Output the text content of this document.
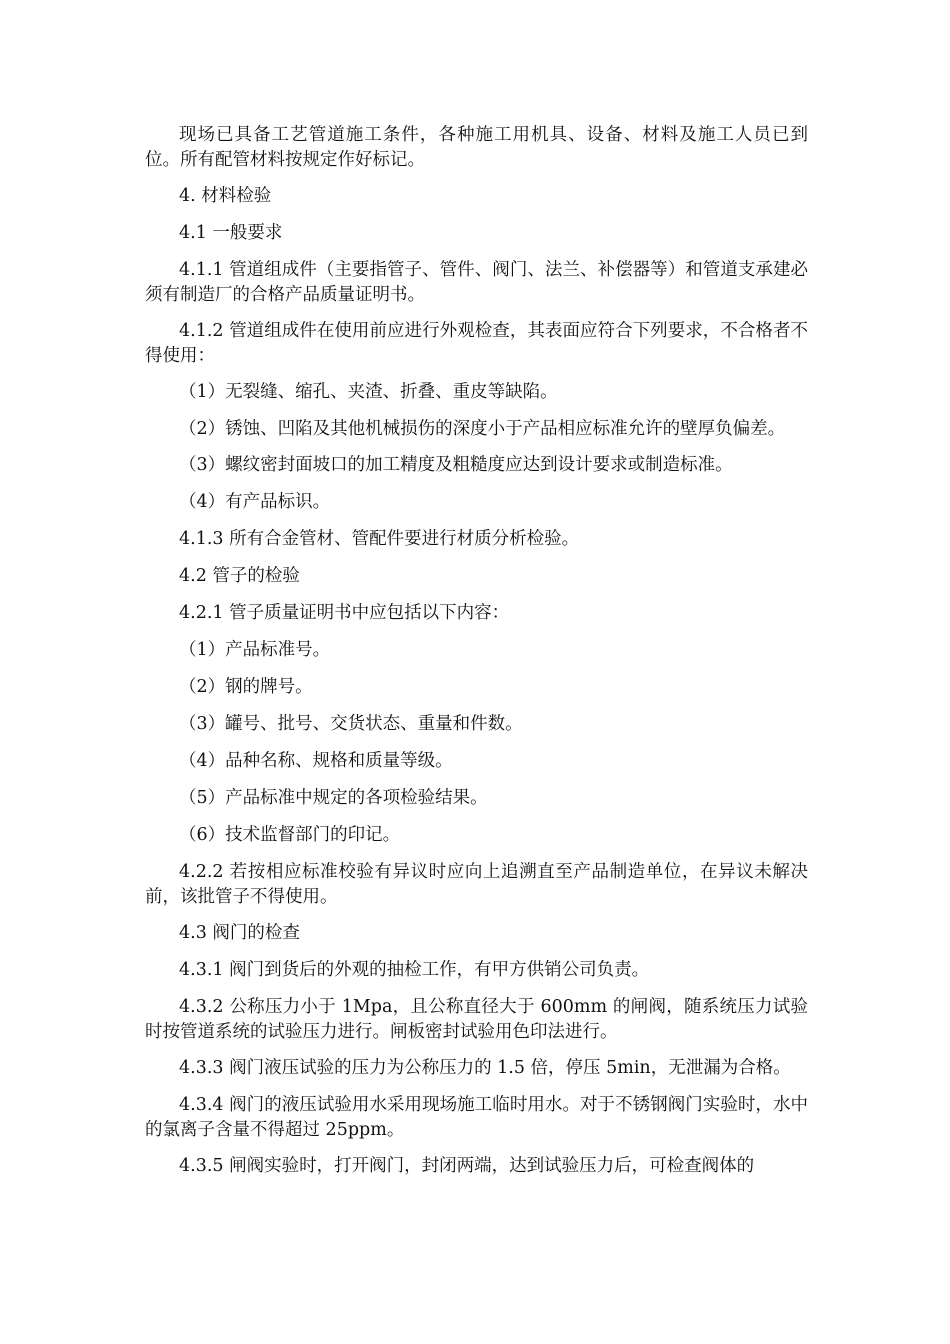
现场已具备工艺管道施工条件，各种施工用机具、设备、材料及施工人员已到位。所有配管材料按规定作好标记。

4. 材料检验

4.1 一般要求

4.1.1 管道组成件（主要指管子、管件、阀门、法兰、补偿器等）和管道支承建必须有制造厂的合格产品质量证明书。

4.1.2 管道组成件在使用前应进行外观检查，其表面应符合下列要求，不合格者不得使用：

（1）无裂缝、缩孔、夹渣、折叠、重皮等缺陷。

（2）锈蚀、凹陷及其他机械损伤的深度小于产品相应标准允许的壁厚负偏差。

（3）螺纹密封面坡口的加工精度及粗糙度应达到设计要求或制造标准。

（4）有产品标识。

4.1.3 所有合金管材、管配件要进行材质分析检验。

4.2 管子的检验

4.2.1 管子质量证明书中应包括以下内容：

（1）产品标准号。

（2）钢的牌号。

（3）罐号、批号、交货状态、重量和件数。

（4）品种名称、规格和质量等级。

（5）产品标准中规定的各项检验结果。

（6）技术监督部门的印记。

4.2.2 若按相应标准校验有异议时应向上追溯直至产品制造单位，在异议未解决前，该批管子不得使用。

4.3 阀门的检查

4.3.1 阀门到货后的外观的抽检工作，有甲方供销公司负责。

4.3.2 公称压力小于 1Mpa，且公称直径大于 600mm 的闸阀，随系统压力试验时按管道系统的试验压力进行。闸板密封试验用色印法进行。

4.3.3 阀门液压试验的压力为公称压力的 1.5 倍，停压 5min，无泄漏为合格。

4.3.4 阀门的液压试验用水采用现场施工临时用水。对于不锈钢阀门实验时，水中的氯离子含量不得超过 25ppm。

4.3.5 闸阀实验时，打开阀门，封闭两端，达到试验压力后，可检查阀体的
